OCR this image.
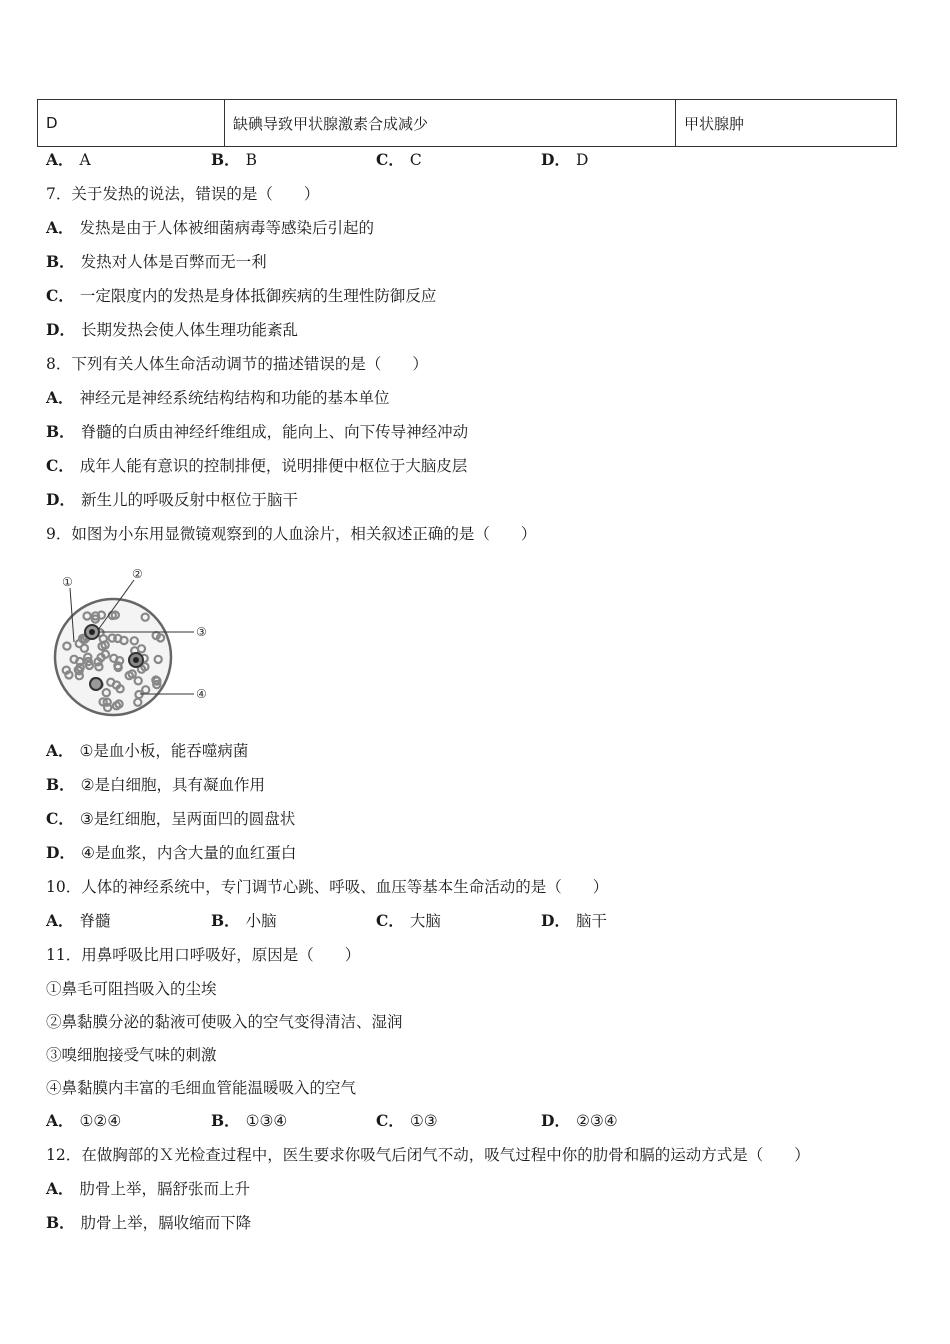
D	缺碘导致甲状腺激素合成减少	甲状腺肿
A． A	B． B	C． C	D． D
7．关于发热的说法，错误的是（　　）
A． 发热是由于人体被细菌病毒等感染后引起的
B． 发热对人体是百弊而无一利
C． 一定限度内的发热是身体抵御疾病的生理性防御反应
D． 长期发热会使人体生理功能紊乱
8．下列有关人体生命活动调节的描述错误的是（　　）
A． 神经元是神经系统结构结构和功能的基本单位
B． 脊髓的白质由神经纤维组成，能向上、向下传导神经冲动
C． 成年人能有意识的控制排便，说明排便中枢位于大脑皮层
D． 新生儿的呼吸反射中枢位于脑干
9．如图为小东用显微镜观察到的人血涂片，相关叙述正确的是（　　）
①
②
③
④
A． ①是血小板，能吞噬病菌
B． ②是白细胞，具有凝血作用
C． ③是红细胞，呈两面凹的圆盘状
D． ④是血浆，内含大量的血红蛋白
10．人体的神经系统中，专门调节心跳、呼吸、血压等基本生命活动的是（　　）
A． 脊髓	B． 小脑	C． 大脑	D． 脑干
11．用鼻呼吸比用口呼吸好，原因是（　　）
①鼻毛可阻挡吸入的尘埃
②鼻黏膜分泌的黏液可使吸入的空气变得清洁、湿润
③嗅细胞接受气味的刺激
④鼻黏膜内丰富的毛细血管能温暖吸入的空气
A． ①②④	B． ①③④	C． ①③	D． ②③④
12．在做胸部的Ｘ光检查过程中，医生要求你吸气后闭气不动，吸气过程中你的肋骨和膈的运动方式是（　　）
A． 肋骨上举，膈舒张而上升
B． 肋骨上举，膈收缩而下降
